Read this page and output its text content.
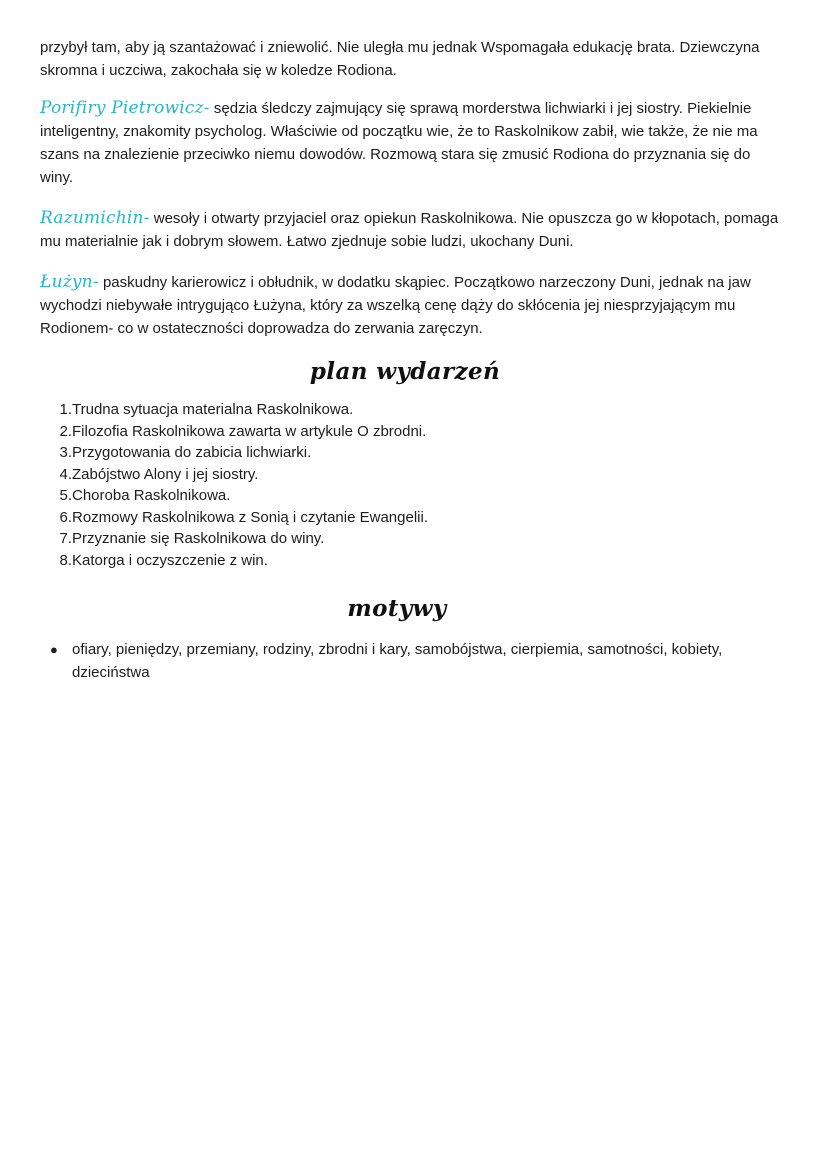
przybył tam, aby ją szantażować i zniewolić. Nie uległa mu jednak Wspomagała edukację brata. Dziewczyna skromna i uczciwa, zakochała się w koledze Rodiona.

Porifiry Pietrowicz- sędzia śledczy zajmujący się sprawą morderstwa lichwiarki i jej siostry. Piekielnie inteligentny, znakomity psycholog. Właściwie od początku wie, że to Raskolnikow zabił, wie także, że nie ma szans na znalezienie przeciwko niemu dowodów. Rozmową stara się zmusić Rodiona do przyznania się do winy.

Razumichin- wesoły i otwarty przyjaciel oraz opiekun Raskolnikowa. Nie opuszcza go w kłopotach, pomaga mu materialnie jak i dobrym słowem. Łatwo zjednuje sobie ludzi, ukochany Duni.

Łużyn- paskudny karierowicz i obłudnik, w dodatku skąpiec. Początkowo narzeczony Duni, jednak na jaw wychodzi niebywałe intrygująco Łużyna, który za wszelką cenę dąży do skłócenia jej niesprzyjającym mu Rodionem- co w ostateczności doprowadza do zerwania zaręczyn.

plan wydarzeń
1. Trudna sytuacja materialna Raskolnikowa.
2. Filozofia Raskolnikowa zawarta w artykule O zbrodni.
3. Przygotowania do zabicia lichwiarki.
4. Zabójstwo Alony i jej siostry.
5. Choroba Raskolnikowa.
6. Rozmowy Raskolnikowa z Sonią i czytanie Ewangelii.
7. Przyznanie się Raskolnikowa do winy.
8. Katorga i oczyszczenie z win.
motywy
● ofiary, pieniędzy, przemiany, rodziny, zbrodni i kary, samobójstwa, cierpiemia, samotności, kobiety, dzieciństwa
